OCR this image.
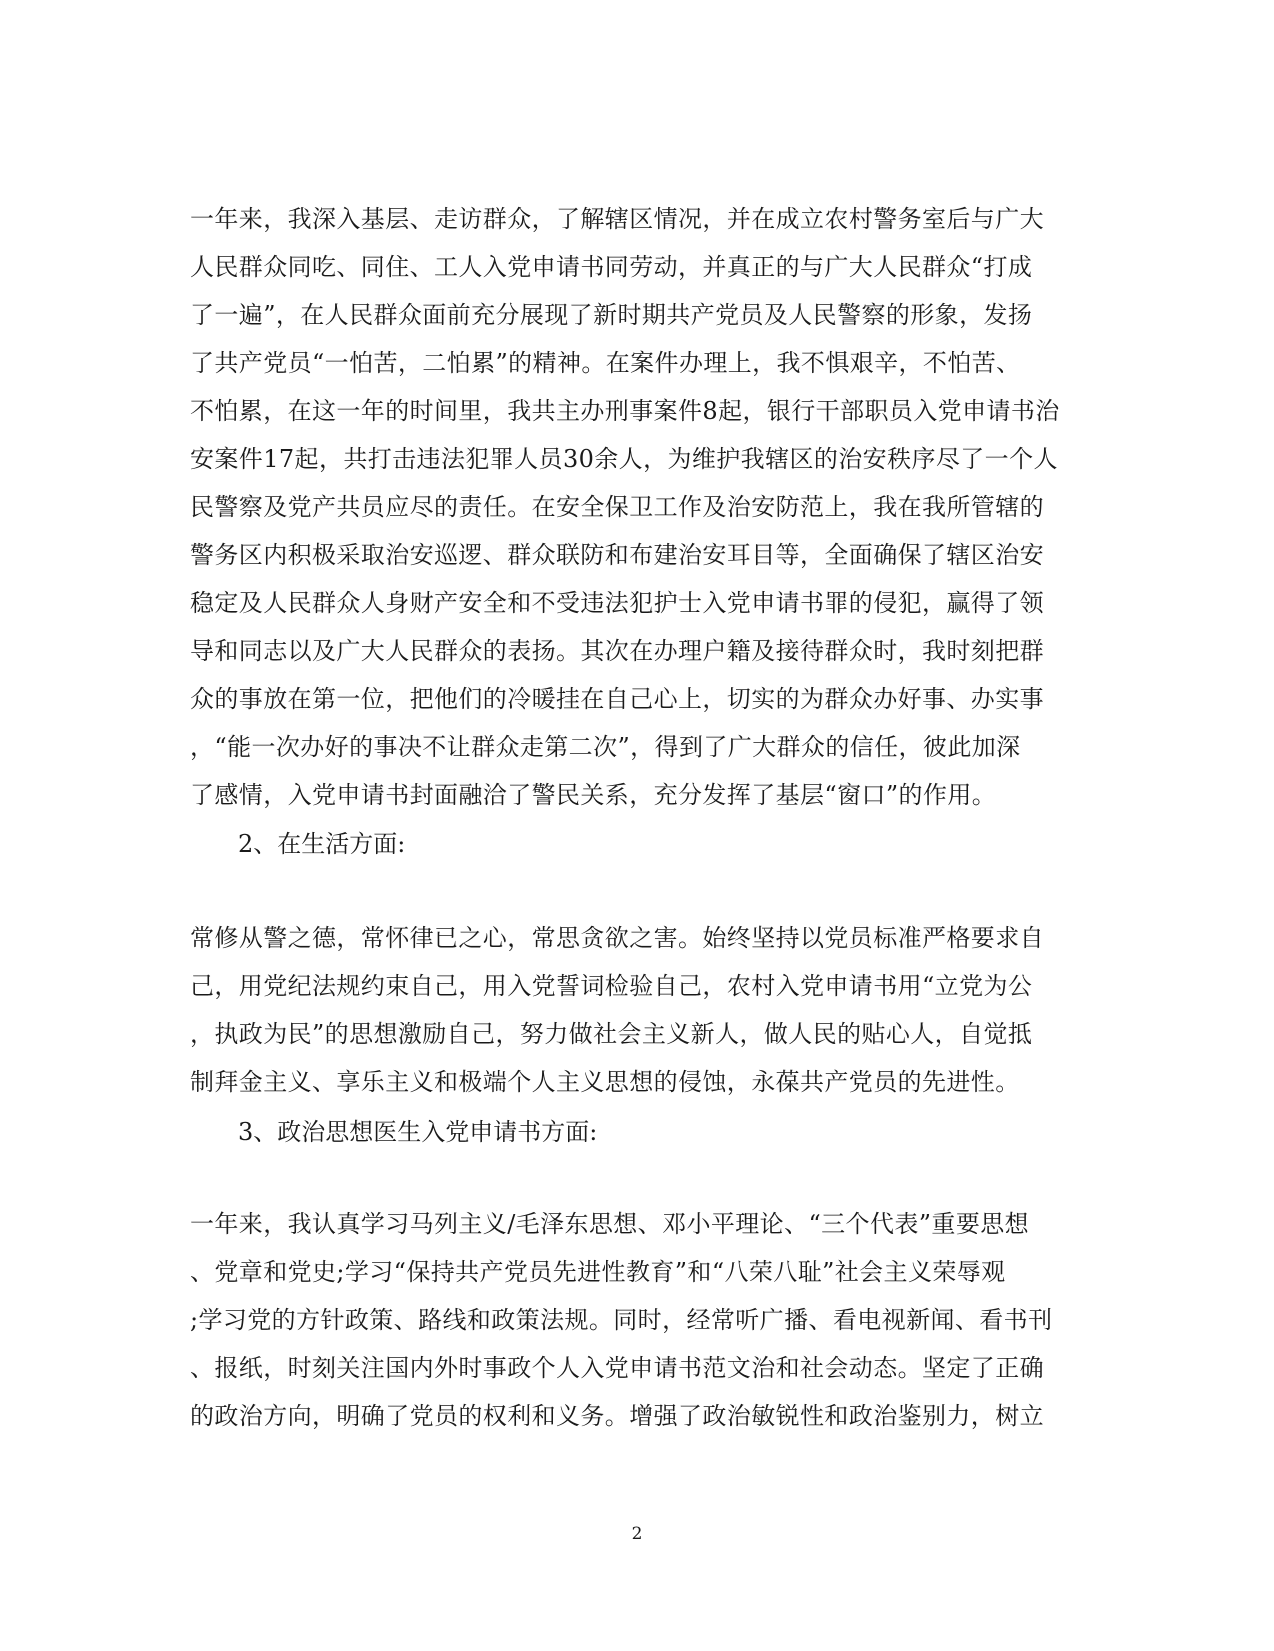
一年来，我深入基层、走访群众，了解辖区情况，并在成立农村警务室后与广大
人民群众同吃、同住、工人入党申请书同劳动，并真正的与广大人民群众“打成
了一遍”，在人民群众面前充分展现了新时期共产党员及人民警察的形象，发扬
了共产党员“一怕苦，二怕累”的精神。在案件办理上，我不惧艰辛，不怕苦、
不怕累，在这一年的时间里，我共主办刑事案件8起，银行干部职员入党申请书治
安案件17起，共打击违法犯罪人员30余人，为维护我辖区的治安秩序尽了一个人
民警察及党产共员应尽的责任。在安全保卫工作及治安防范上，我在我所管辖的
警务区内积极采取治安巡逻、群众联防和布建治安耳目等，全面确保了辖区治安
稳定及人民群众人身财产安全和不受违法犯护士入党申请书罪的侵犯，赢得了领
导和同志以及广大人民群众的表扬。其次在办理户籍及接待群众时，我时刻把群
众的事放在第一位，把他们的冷暖挂在自己心上，切实的为群众办好事、办实事
，“能一次办好的事决不让群众走第二次”，得到了广大群众的信任，彼此加深
了感情，入党申请书封面融洽了警民关系，充分发挥了基层“窗口”的作用。
2、在生活方面:
常修从警之德，常怀律已之心，常思贪欲之害。始终坚持以党员标准严格要求自
己，用党纪法规约束自己，用入党誓词检验自己，农村入党申请书用“立党为公
，执政为民”的思想激励自己，努力做社会主义新人，做人民的贴心人，自觉抵
制拜金主义、享乐主义和极端个人主义思想的侵蚀，永葆共产党员的先进性。
3、政治思想医生入党申请书方面:
一年来，我认真学习马列主义/毛泽东思想、邓小平理论、“三个代表”重要思想
、党章和党史;学习“保持共产党员先进性教育”和“八荣八耻”社会主义荣辱观
;学习党的方针政策、路线和政策法规。同时，经常听广播、看电视新闻、看书刊
、报纸，时刻关注国内外时事政个人入党申请书范文治和社会动态。坚定了正确
的政治方向，明确了党员的权利和义务。增强了政治敏锐性和政治鉴别力，树立
2
